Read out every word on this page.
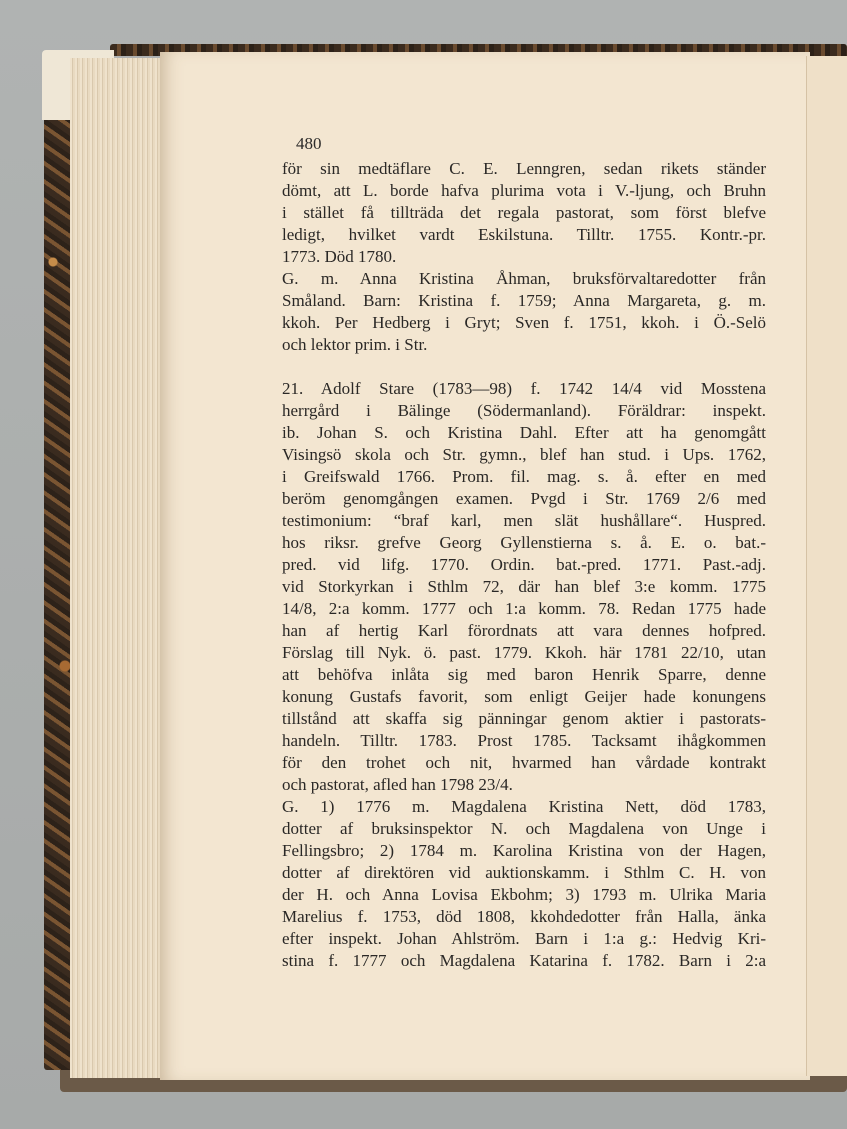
480
för sin medtäflare C. E. Lenngren, sedan rikets ständer
dömt, att L. borde hafva plurima vota i V.-ljung, och Bruhn
i stället få tillträda det regala pastorat, som först blefve
ledigt, hvilket vardt Eskilstuna. Tilltr. 1755. Kontr.-pr.
1773. Död 1780.
G. m. Anna Kristina Åhman, bruksförvaltaredotter från
Småland. Barn: Kristina f. 1759; Anna Margareta, g. m.
kkoh. Per Hedberg i Gryt; Sven f. 1751, kkoh. i Ö.-Selö
och lektor prim. i Str.
21. Adolf Stare (1783—98) f. 1742 14/4 vid Mosstena
herrgård i Bälinge (Södermanland). Föräldrar: inspekt.
ib. Johan S. och Kristina Dahl. Efter att ha genomgått
Visingsö skola och Str. gymn., blef han stud. i Ups. 1762,
i Greifswald 1766. Prom. fil. mag. s. å. efter en med
beröm genomgången examen. Pvgd i Str. 1769 2/6 med
testimonium: “braf karl, men slät hushållare“. Huspred.
hos riksr. grefve Georg Gyllenstierna s. å. E. o. bat.-
pred. vid lifg. 1770. Ordin. bat.-pred. 1771. Past.-adj.
vid Storkyrkan i Sthlm 72, där han blef 3:e komm. 1775
14/8, 2:a komm. 1777 och 1:a komm. 78. Redan 1775 hade
han af hertig Karl förordnats att vara dennes hofpred.
Förslag till Nyk. ö. past. 1779. Kkoh. här 1781 22/10, utan
att behöfva inlåta sig med baron Henrik Sparre, denne
konung Gustafs favorit, som enligt Geijer hade konungens
tillstånd att skaffa sig pänningar genom aktier i pastorats-
handeln. Tilltr. 1783. Prost 1785. Tacksamt ihågkommen
för den trohet och nit, hvarmed han vårdade kontrakt
och pastorat, afled han 1798 23/4.
G. 1) 1776 m. Magdalena Kristina Nett, död 1783,
dotter af bruksinspektor N. och Magdalena von Unge i
Fellingsbro; 2) 1784 m. Karolina Kristina von der Hagen,
dotter af direktören vid auktionskamm. i Sthlm C. H. von
der H. och Anna Lovisa Ekbohm; 3) 1793 m. Ulrika Maria
Marelius f. 1753, död 1808, kkohdedotter från Halla, änka
efter inspekt. Johan Ahlström. Barn i 1:a g.: Hedvig Kri-
stina f. 1777 och Magdalena Katarina f. 1782. Barn i 2:a
